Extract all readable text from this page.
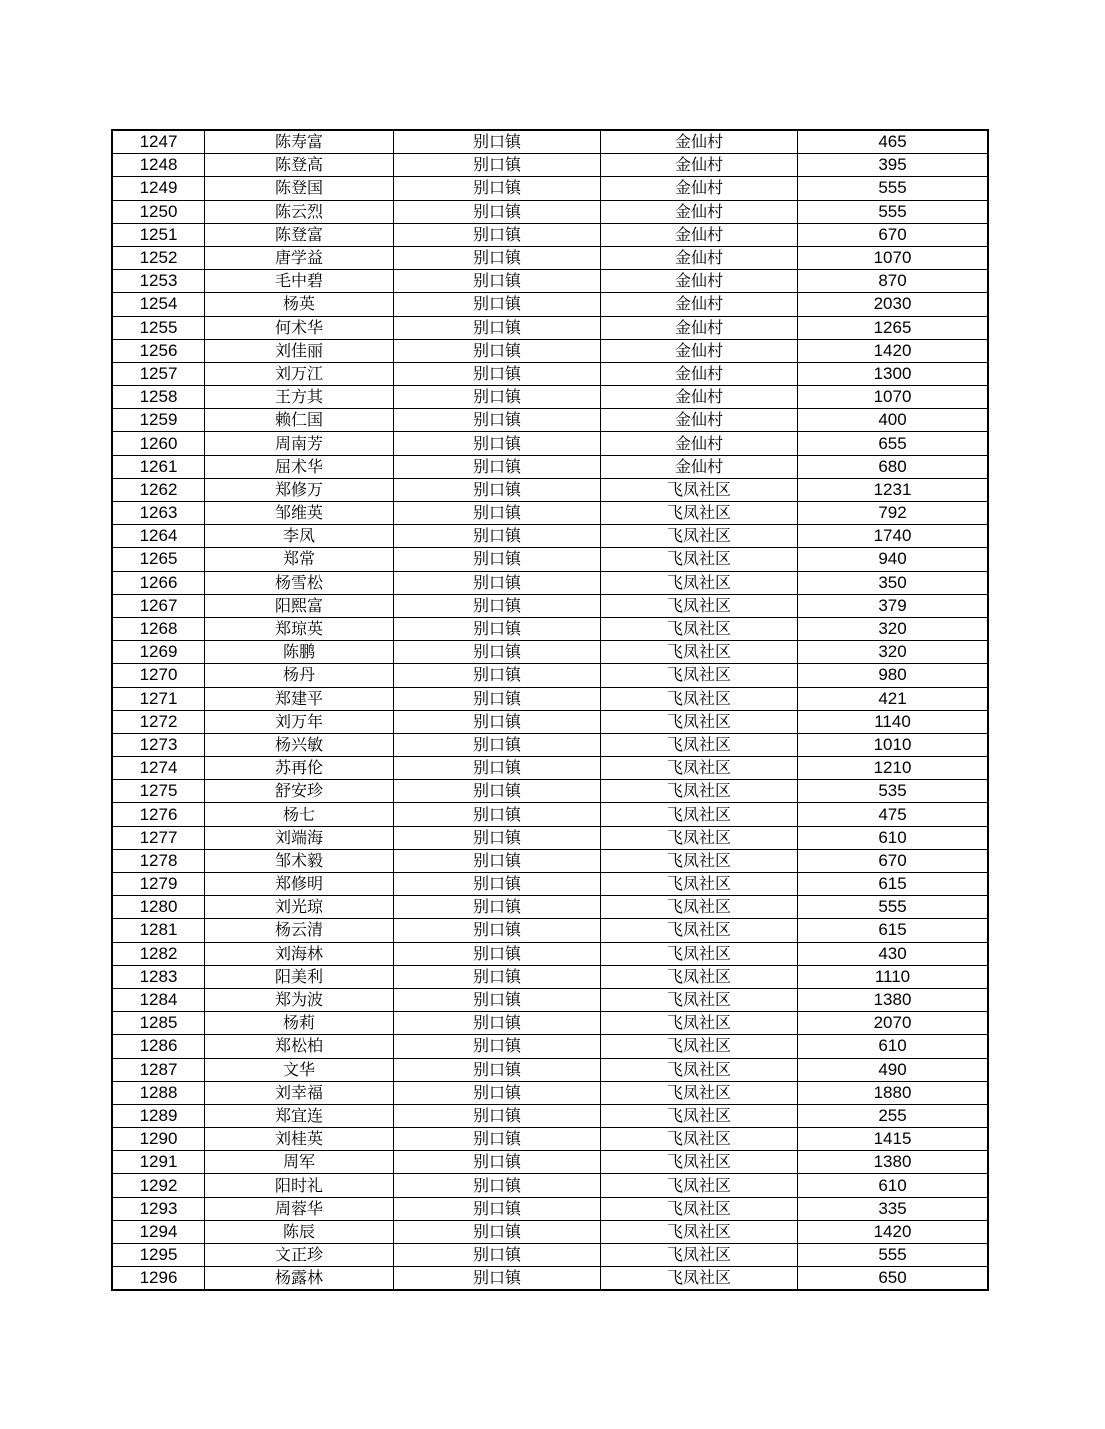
1247	陈寿富	别口镇	金仙村	465
1248	陈登高	别口镇	金仙村	395
1249	陈登国	别口镇	金仙村	555
1250	陈云烈	别口镇	金仙村	555
1251	陈登富	别口镇	金仙村	670
1252	唐学益	别口镇	金仙村	1070
1253	毛中碧	别口镇	金仙村	870
1254	杨英	别口镇	金仙村	2030
1255	何术华	别口镇	金仙村	1265
1256	刘佳丽	别口镇	金仙村	1420
1257	刘万江	别口镇	金仙村	1300
1258	王方其	别口镇	金仙村	1070
1259	赖仁国	别口镇	金仙村	400
1260	周南芳	别口镇	金仙村	655
1261	屈术华	别口镇	金仙村	680
1262	郑修万	别口镇	飞凤社区	1231
1263	邹维英	别口镇	飞凤社区	792
1264	李凤	别口镇	飞凤社区	1740
1265	郑常	别口镇	飞凤社区	940
1266	杨雪松	别口镇	飞凤社区	350
1267	阳熙富	别口镇	飞凤社区	379
1268	郑琼英	别口镇	飞凤社区	320
1269	陈鹏	别口镇	飞凤社区	320
1270	杨丹	别口镇	飞凤社区	980
1271	郑建平	别口镇	飞凤社区	421
1272	刘万年	别口镇	飞凤社区	1140
1273	杨兴敏	别口镇	飞凤社区	1010
1274	苏再伦	别口镇	飞凤社区	1210
1275	舒安珍	别口镇	飞凤社区	535
1276	杨七	别口镇	飞凤社区	475
1277	刘端海	别口镇	飞凤社区	610
1278	邹术毅	别口镇	飞凤社区	670
1279	郑修明	别口镇	飞凤社区	615
1280	刘光琼	别口镇	飞凤社区	555
1281	杨云清	别口镇	飞凤社区	615
1282	刘海林	别口镇	飞凤社区	430
1283	阳美利	别口镇	飞凤社区	1110
1284	郑为波	别口镇	飞凤社区	1380
1285	杨莉	别口镇	飞凤社区	2070
1286	郑松柏	别口镇	飞凤社区	610
1287	文华	别口镇	飞凤社区	490
1288	刘幸福	别口镇	飞凤社区	1880
1289	郑宜连	别口镇	飞凤社区	255
1290	刘桂英	别口镇	飞凤社区	1415
1291	周军	别口镇	飞凤社区	1380
1292	阳时礼	别口镇	飞凤社区	610
1293	周蓉华	别口镇	飞凤社区	335
1294	陈辰	别口镇	飞凤社区	1420
1295	文正珍	别口镇	飞凤社区	555
1296	杨露林	别口镇	飞凤社区	650
